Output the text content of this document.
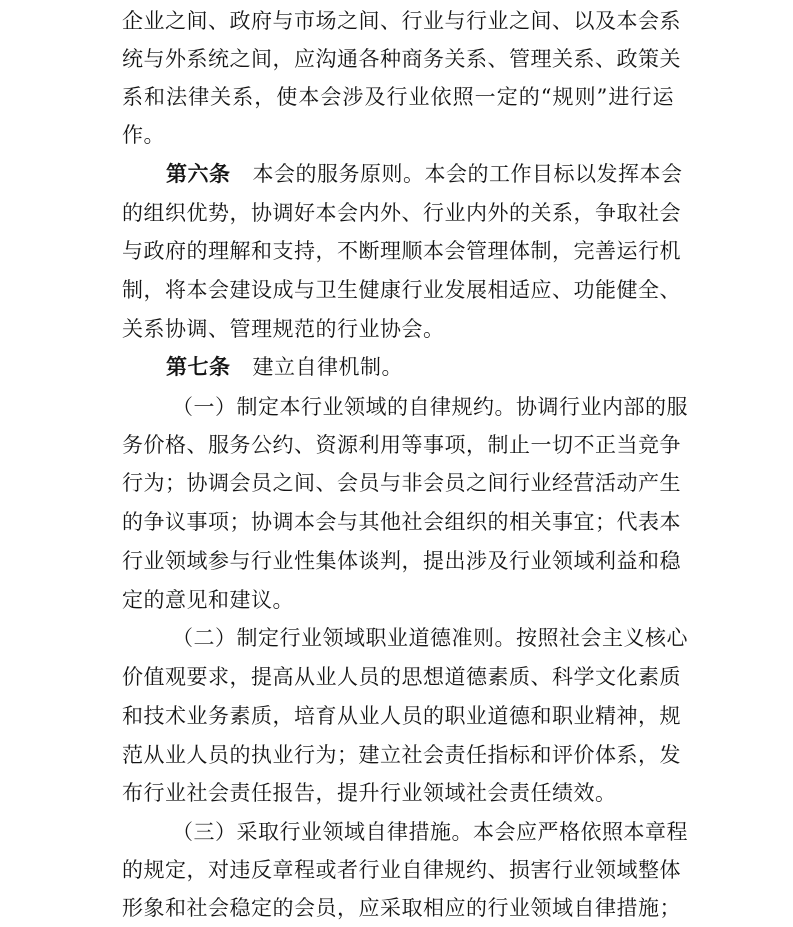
企业之间、政府与市场之间、行业与行业之间、以及本会系
统与外系统之间，应沟通各种商务关系、管理关系、政策关
系和法律关系，使本会涉及行业依照一定的“规则”进行运
作。
第六条 本会的服务原则。本会的工作目标以发挥本会
的组织优势，协调好本会内外、行业内外的关系，争取社会
与政府的理解和支持，不断理顺本会管理体制，完善运行机
制，将本会建设成与卫生健康行业发展相适应、功能健全、
关系协调、管理规范的行业协会。
第七条 建立自律机制。
（一）制定本行业领域的自律规约。协调行业内部的服
务价格、服务公约、资源利用等事项，制止一切不正当竞争
行为；协调会员之间、会员与非会员之间行业经营活动产生
的争议事项；协调本会与其他社会组织的相关事宜；代表本
行业领域参与行业性集体谈判，提出涉及行业领域利益和稳
定的意见和建议。
（二）制定行业领域职业道德准则。按照社会主义核心
价值观要求，提高从业人员的思想道德素质、科学文化素质
和技术业务素质，培育从业人员的职业道德和职业精神，规
范从业人员的执业行为；建立社会责任指标和评价体系，发
布行业社会责任报告，提升行业领域社会责任绩效。
（三）采取行业领域自律措施。本会应严格依照本章程
的规定，对违反章程或者行业自律规约、损害行业领域整体
形象和社会稳定的会员，应采取相应的行业领域自律措施；
